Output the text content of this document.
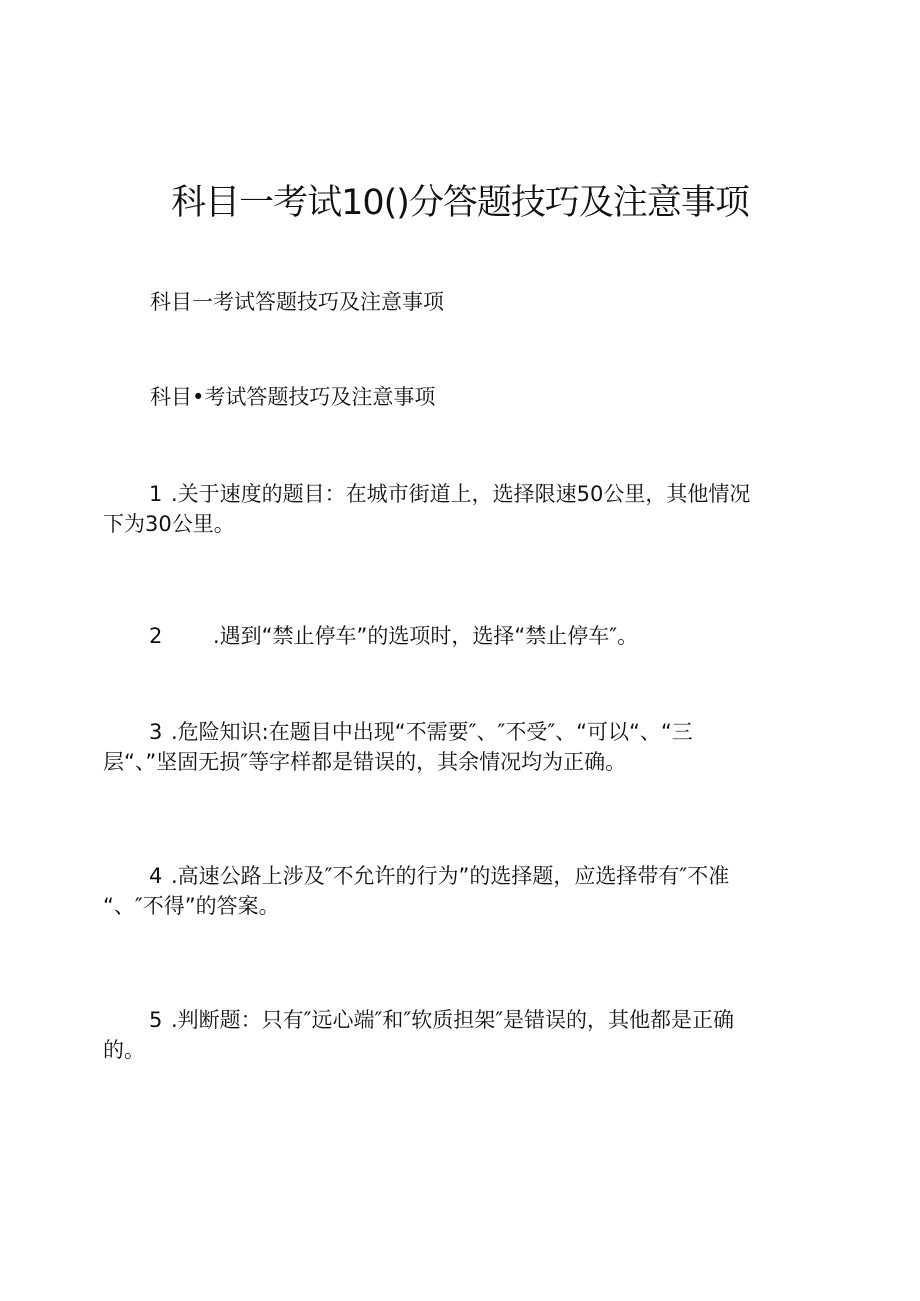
科目一考试10()分答题技巧及注意事项
科目一考试答题技巧及注意事项
科目•考试答题技巧及注意事项
1 .关于速度的题目：在城市街道上，选择限速50公里，其他情况
下为30公里。
2 .遇到“禁止停车”的选项时，选择“禁止停车″。
3 .危险知识:在题目中出现“不需要″、″不受″、“可以“、“三
层“、”坚固无损″等字样都是错误的，其余情况均为正确。
4 .高速公路上涉及″不允许的行为”的选择题，应选择带有″不准
“、″不得”的答案。
5 .判断题：只有″远心端″和″软质担架″是错误的，其他都是正确
的。
